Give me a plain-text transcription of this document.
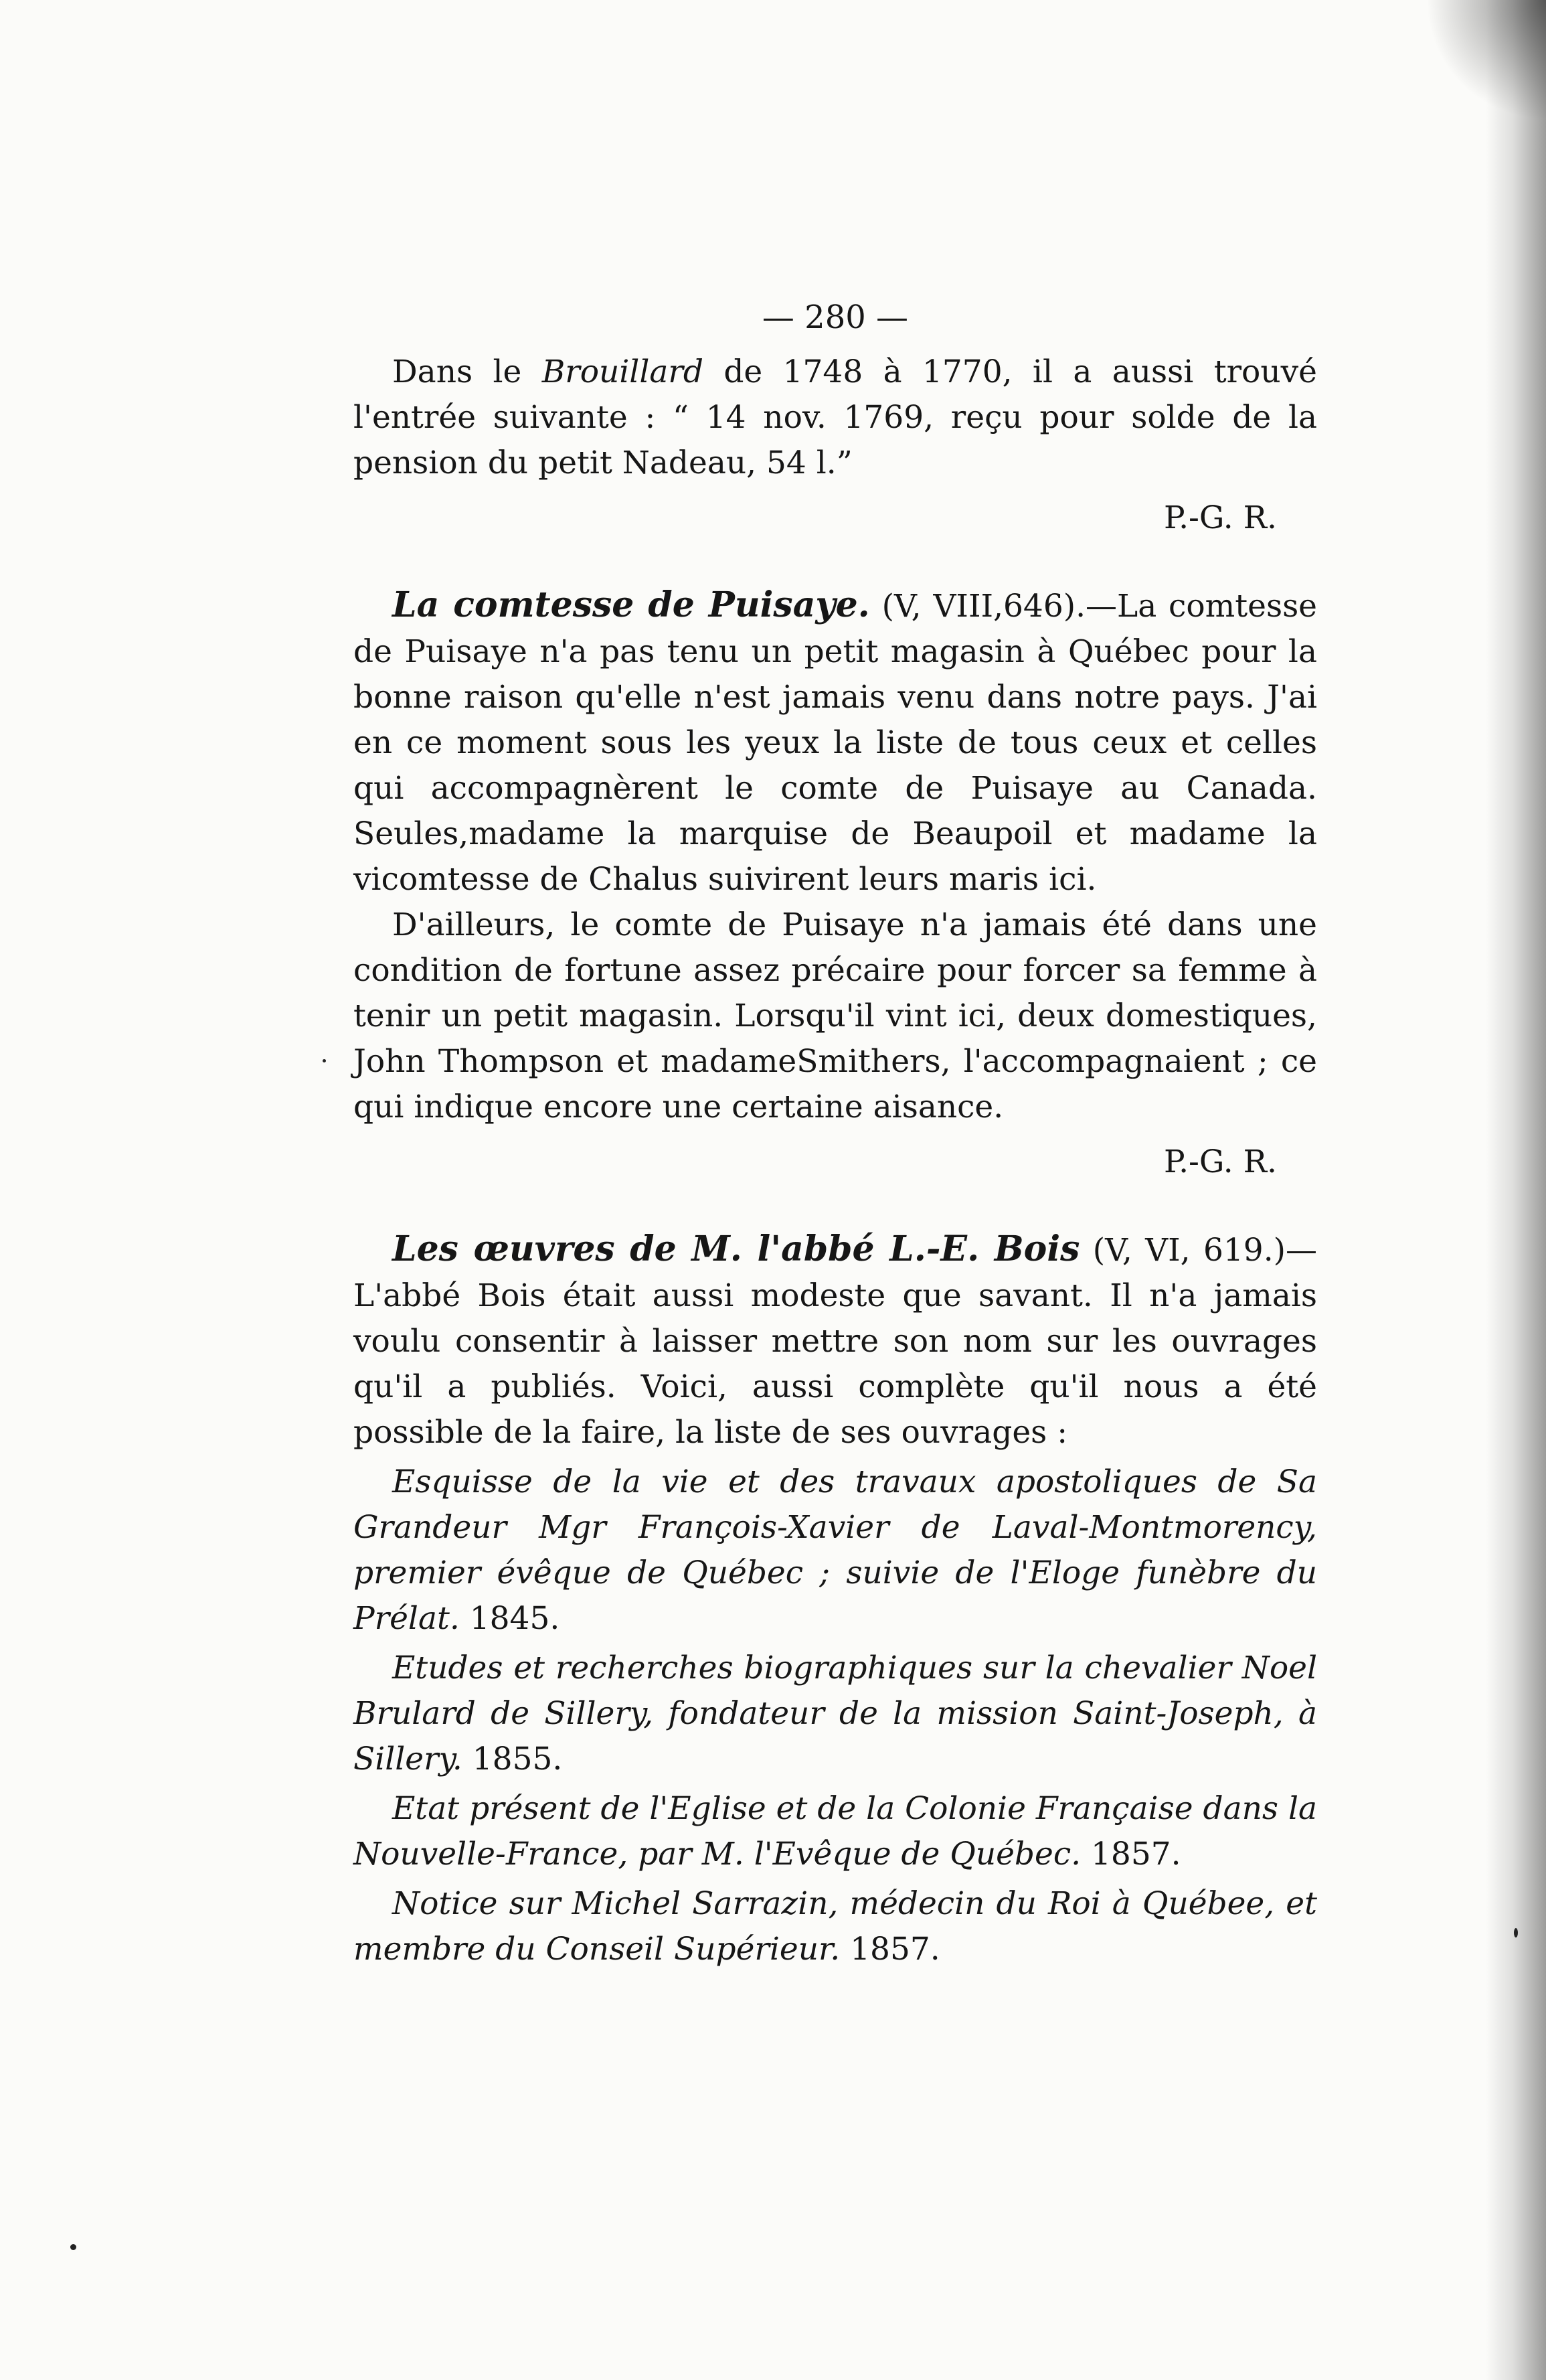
— 280 —

Dans le Brouillard de 1748 à 1770, il a aussi trouvé l'entrée suivante : “ 14 nov. 1769, reçu pour solde de la pension du petit Nadeau, 54 l.”

P.-G. R.

La comtesse de Puisaye. (V, VIII,646).—La comtesse de Puisaye n'a pas tenu un petit magasin à Québec pour la bonne raison qu'elle n'est jamais venu dans notre pays. J'ai en ce moment sous les yeux la liste de tous ceux et celles qui accompagnèrent le comte de Puisaye au Canada. Seules,madame la marquise de Beaupoil et madame la vicomtesse de Chalus suivirent leurs maris ici.

D'ailleurs, le comte de Puisaye n'a jamais été dans une condition de fortune assez précaire pour forcer sa femme à tenir un petit magasin. Lorsqu'il vint ici, deux domestiques, John Thompson et madameSmithers, l'accompagnaient ; ce qui indique encore une certaine aisance.

P.-G. R.

Les œuvres de M. l'abbé L.-E. Bois (V, VI, 619.)—L'abbé Bois était aussi modeste que savant. Il n'a jamais voulu consentir à laisser mettre son nom sur les ouvrages qu'il a publiés. Voici, aussi complète qu'il nous a été possible de la faire, la liste de ses ouvrages :

Esquisse de la vie et des travaux apostoliques de Sa Grandeur Mgr François-Xavier de Laval-Montmorency, premier évêque de Québec ; suivie de l'Eloge funèbre du Prélat. 1845.

Etudes et recherches biographiques sur la chevalier Noel Brulard de Sillery, fondateur de la mission Saint-Joseph, à Sillery. 1855.

Etat présent de l'Eglise et de la Colonie Française dans la Nouvelle-France, par M. l'Evêque de Québec. 1857.

Notice sur Michel Sarrazin, médecin du Roi à Québee, et membre du Conseil Supérieur. 1857.
